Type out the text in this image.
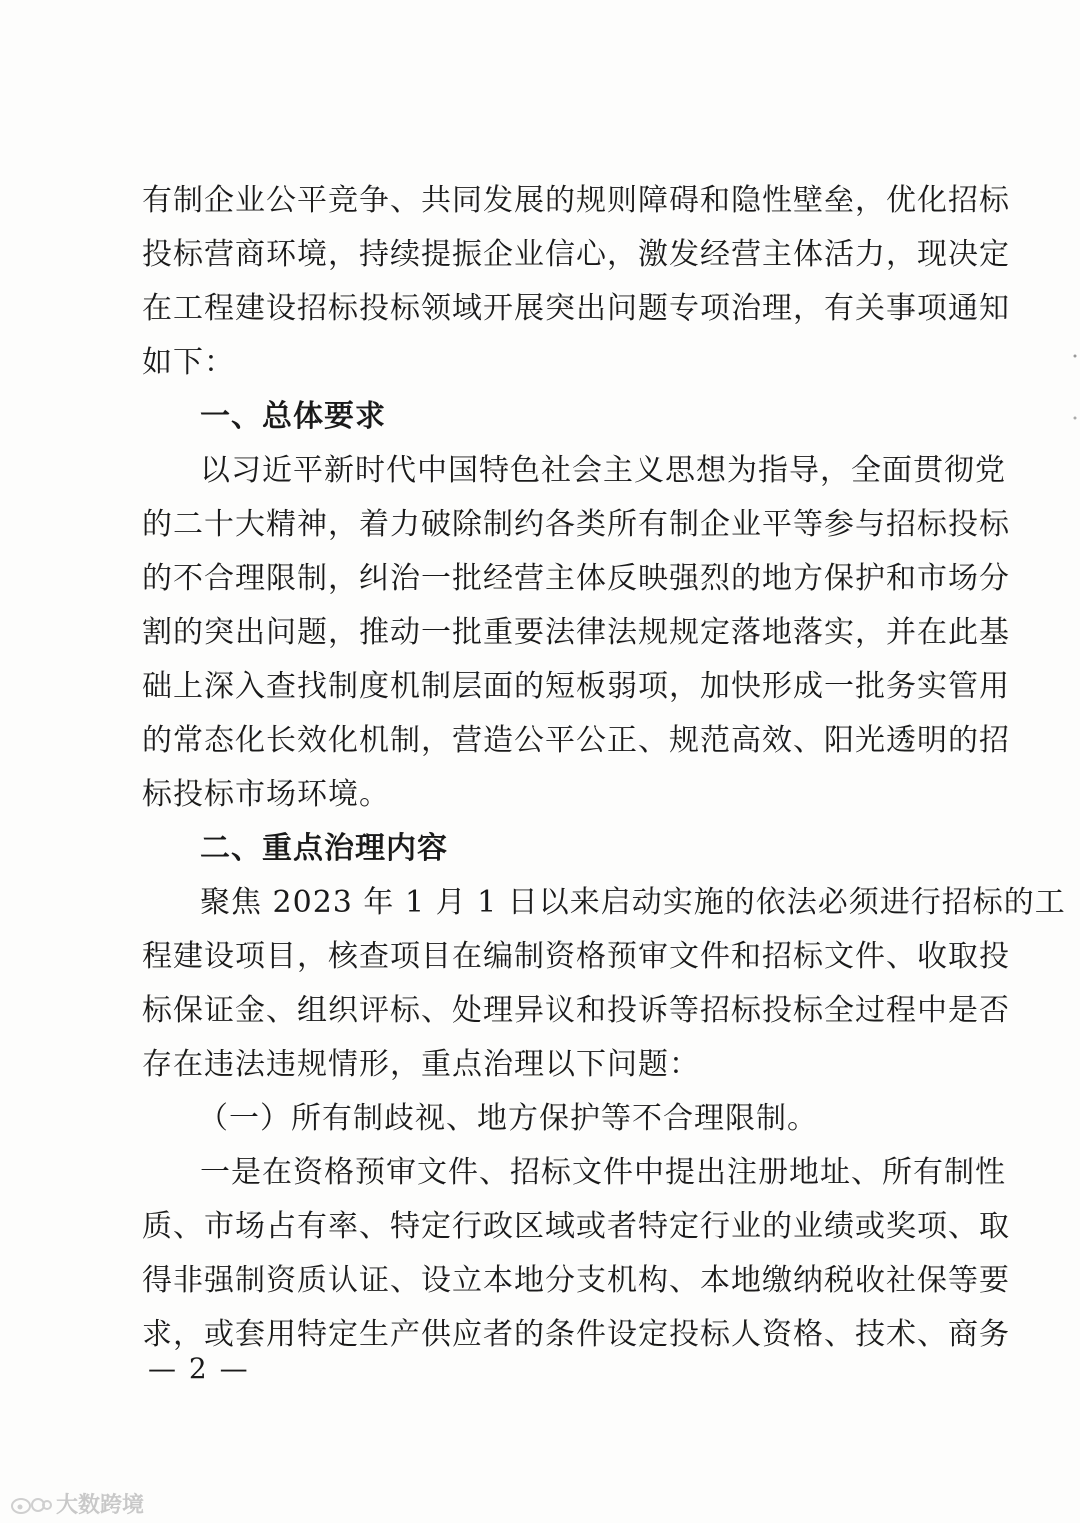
有制企业公平竞争、共同发展的规则障碍和隐性壁垒，优化招标
投标营商环境，持续提振企业信心，激发经营主体活力，现决定
在工程建设招标投标领域开展突出问题专项治理，有关事项通知
如下：
一、总体要求
以习近平新时代中国特色社会主义思想为指导，全面贯彻党
的二十大精神，着力破除制约各类所有制企业平等参与招标投标
的不合理限制，纠治一批经营主体反映强烈的地方保护和市场分
割的突出问题，推动一批重要法律法规规定落地落实，并在此基
础上深入查找制度机制层面的短板弱项，加快形成一批务实管用
的常态化长效化机制，营造公平公正、规范高效、阳光透明的招
标投标市场环境。
二、重点治理内容
聚焦 2023 年 1 月 1 日以来启动实施的依法必须进行招标的工
程建设项目，核查项目在编制资格预审文件和招标文件、收取投
标保证金、组织评标、处理异议和投诉等招标投标全过程中是否
存在违法违规情形，重点治理以下问题：
（一）所有制歧视、地方保护等不合理限制。
一是在资格预审文件、招标文件中提出注册地址、所有制性
质、市场占有率、特定行政区域或者特定行业的业绩或奖项、取
得非强制资质认证、设立本地分支机构、本地缴纳税收社保等要
求，或套用特定生产供应者的条件设定投标人资格、技术、商务
— 2 —
大数跨境
